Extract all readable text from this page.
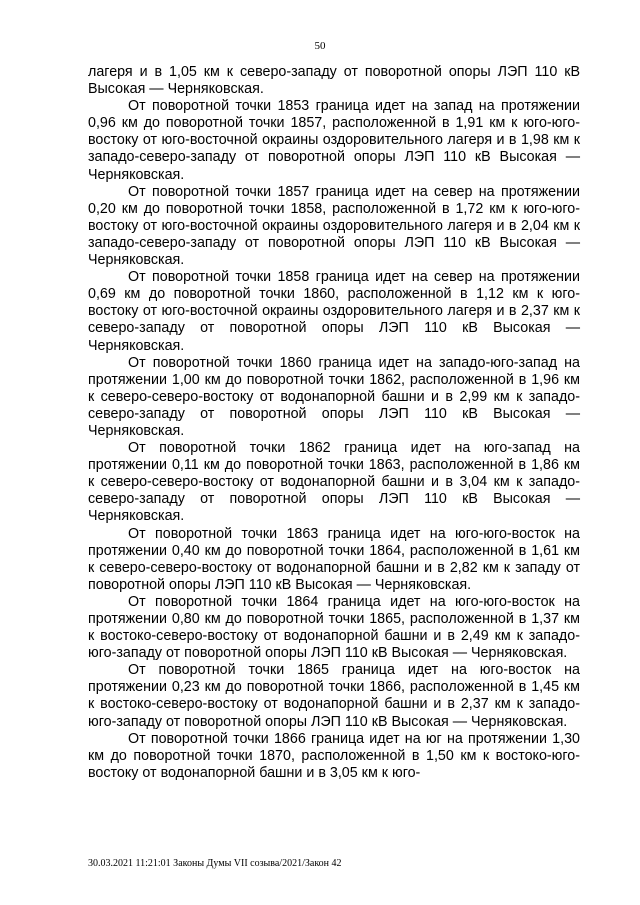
50

лагеря и в 1,05 км к северо-западу от поворотной опоры ЛЭП 110 кВ Высокая — Черняковская.

От поворотной точки 1853 граница идет на запад на протяжении 0,96 км до поворотной точки 1857, расположенной в 1,91 км к юго-юго-востоку от юго-восточной окраины оздоровительного лагеря и в 1,98 км к западо-северо-западу от поворотной опоры ЛЭП 110 кВ Высокая — Черняковская.

От поворотной точки 1857 граница идет на север на протяжении 0,20 км до поворотной точки 1858, расположенной в 1,72 км к юго-юго-востоку от юго-восточной окраины оздоровительного лагеря и в 2,04 км к западо-северо-западу от поворотной опоры ЛЭП 110 кВ Высокая — Черняковская.

От поворотной точки 1858 граница идет на север на протяжении 0,69 км до поворотной точки 1860, расположенной в 1,12 км к юго-востоку от юго-восточной окраины оздоровительного лагеря и в 2,37 км к северо-западу от поворотной опоры ЛЭП 110 кВ Высокая — Черняковская.

От поворотной точки 1860 граница идет на западо-юго-запад на протяжении 1,00 км до поворотной точки 1862, расположенной в 1,96 км к северо-северо-востоку от водонапорной башни и в 2,99 км к западо-северо-западу от поворотной опоры ЛЭП 110 кВ Высокая — Черняковская.

От поворотной точки 1862 граница идет на юго-запад на протяжении 0,11 км до поворотной точки 1863, расположенной в 1,86 км к северо-северо-востоку от водонапорной башни и в 3,04 км к западо-северо-западу от поворотной опоры ЛЭП 110 кВ Высокая — Черняковская.

От поворотной точки 1863 граница идет на юго-юго-восток на протяжении 0,40 км до поворотной точки 1864, расположенной в 1,61 км к северо-северо-востоку от водонапорной башни и в 2,82 км к западу от поворотной опоры ЛЭП 110 кВ Высокая — Черняковская.

От поворотной точки 1864 граница идет на юго-юго-восток на протяжении 0,80 км до поворотной точки 1865, расположенной в 1,37 км к востоко-северо-востоку от водонапорной башни и в 2,49 км к западо-юго-западу от поворотной опоры ЛЭП 110 кВ Высокая — Черняковская.

От поворотной точки 1865 граница идет на юго-восток на протяжении 0,23 км до поворотной точки 1866, расположенной в 1,45 км к востоко-северо-востоку от водонапорной башни и в 2,37 км к западо-юго-западу от поворотной опоры ЛЭП 110 кВ Высокая — Черняковская.

От поворотной точки 1866 граница идет на юг на протяжении 1,30 км до поворотной точки 1870, расположенной в 1,50 км к востоко-юго-востоку от водонапорной башни и в 3,05 км к юго-

30.03.2021 11:21:01 Законы Думы VII созыва/2021/Закон 42
